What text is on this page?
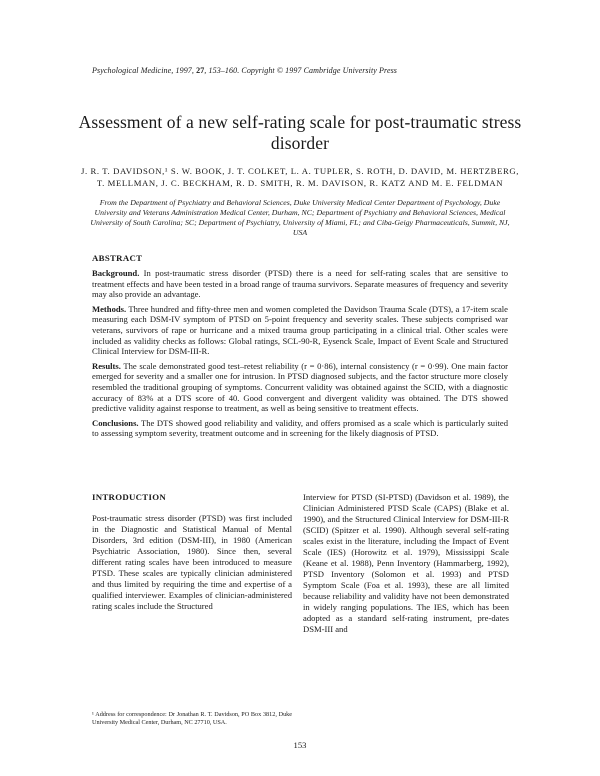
Psychological Medicine, 1997, 27, 153–160. Copyright © 1997 Cambridge University Press
Assessment of a new self-rating scale for post-traumatic stress disorder
J. R. T. DAVIDSON,¹ S. W. BOOK, J. T. COLKET, L. A. TUPLER, S. ROTH, D. DAVID, M. HERTZBERG, T. MELLMAN, J. C. BECKHAM, R. D. SMITH, R. M. DAVISON, R. KATZ AND M. E. FELDMAN
From the Department of Psychiatry and Behavioral Sciences, Duke University Medical Center Department of Psychology, Duke University and Veterans Administration Medical Center, Durham, NC; Department of Psychiatry and Behavioral Sciences, Medical University of South Carolina; SC; Department of Psychiatry, University of Miami, FL; and Ciba-Geigy Pharmaceuticals, Summit, NJ, USA
ABSTRACT

Background. In post-traumatic stress disorder (PTSD) there is a need for self-rating scales that are sensitive to treatment effects and have been tested in a broad range of trauma survivors. Separate measures of frequency and severity may also provide an advantage.

Methods. Three hundred and fifty-three men and women completed the Davidson Trauma Scale (DTS), a 17-item scale measuring each DSM-IV symptom of PTSD on 5-point frequency and severity scales. These subjects comprised war veterans, survivors of rape or hurricane and a mixed trauma group participating in a clinical trial. Other scales were included as validity checks as follows: Global ratings, SCL-90-R, Eysenck Scale, Impact of Event Scale and Structured Clinical Interview for DSM-III-R.

Results. The scale demonstrated good test–retest reliability (r = 0·86), internal consistency (r = 0·99). One main factor emerged for severity and a smaller one for intrusion. In PTSD diagnosed subjects, and the factor structure more closely resembled the traditional grouping of symptoms. Concurrent validity was obtained against the SCID, with a diagnostic accuracy of 83% at a DTS score of 40. Good convergent and divergent validity was obtained. The DTS showed predictive validity against response to treatment, as well as being sensitive to treatment effects.

Conclusions. The DTS showed good reliability and validity, and offers promised as a scale which is particularly suited to assessing symptom severity, treatment outcome and in screening for the likely diagnosis of PTSD.

INTRODUCTION

Post-traumatic stress disorder (PTSD) was first included in the Diagnostic and Statistical Manual of Mental Disorders, 3rd edition (DSM-III), in 1980 (American Psychiatric Association, 1980). Since then, several different rating scales have been introduced to measure PTSD. These scales are typically clinician administered and thus limited by requiring the time and expertise of a qualified interviewer. Examples of clinician-administered rating scales include the Structured

Interview for PTSD (SI-PTSD) (Davidson et al. 1989), the Clinician Administered PTSD Scale (CAPS) (Blake et al. 1990), and the Structured Clinical Interview for DSM-III-R (SCID) (Spitzer et al. 1990). Although several self-rating scales exist in the literature, including the Impact of Event Scale (IES) (Horowitz et al. 1979), Mississippi Scale (Keane et al. 1988), Penn Inventory (Hammarberg, 1992), PTSD Inventory (Solomon et al. 1993) and PTSD Symptom Scale (Foa et al. 1993), these are all limited because reliability and validity have not been demonstrated in widely ranging populations. The IES, which has been adopted as a standard self-rating instrument, pre-dates DSM-III and

¹ Address for correspondence: Dr Jonathan R. T. Davidson, PO Box 3812, Duke University Medical Center, Durham, NC 27710, USA.
153
